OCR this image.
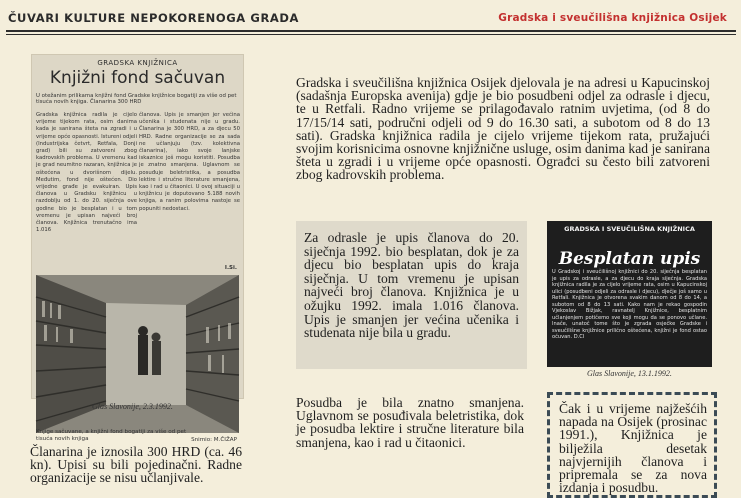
ČUVARI KULTURE NEPOKORENOGA GRADA	Gradska i sveučilišna knjižnica Osijek
GRADSKA KNJIŽNICA
Knjižni fond sačuvan
U otežanim prilikama knjižni fond Gradske knjižnice bogatiji za više od pet tisuća novih knjiga. Članarina 300 HRD
Gradska knjižnica radila je cijelo vrijeme tijekom rata, osim danima kada je sanirana šteta na zgradi i u vrijeme opće opasnosti. Istureni odjeli (Industrijska četvrt, Retfala, Donji grad) bili su zatvoreni zbog kadrovskih problema. U vremenu kad je grad neumitno razaran, knjižnica je oštećena u dvorišnom dijelu. Međutim, fond nije oštećen. Dio vrijedne građe je evakuiran. Upis članova u Gradsku knjižnicu u razdoblju od 1. do 20. siječnja ove godine bio je besplatan i u tom vremenu je upisan najveći broj članova. Knjižnica trenutačno ima 1.016
članova. Upis je smanjen jer većina učenika i studenata nije u gradu. Članarina je 300 HRD, a za djecu 50 HRD. Radne organizacije se za sada ne učlanjuju (tzv. kolektivna članarina), iako svoje lanjske iskaznice još mogu koristiti. Posudba je znatno smanjena. Uglavnom se posuđuje beletristika, a posudba lektire i stručne literature smanjena, kao i rad u čitaonici. U ovoj situaciji u knjižnicu je doputovano 5.188 novih knjiga, a ranim polovima nastoje se popuniti nedostaci.
I.Si.
Knjige sačuvane, a knjižni fond bogatiji za više od pet tisuća novih knjiga	Snimio: M.ČIŽAP
Glas Slavonije, 2.3.1992.
Gradska i sveučilišna knjižnica Osijek djelovala je na adresi u Kapucinskoj (sadašnja Europska avenija) gdje je bio posudbeni odjel za odrasle i djecu, te u Retfali. Radno vrijeme se prilagođavalo ratnim uvjetima, (od 8 do 17/15/14 sati, područni odjeli od 9 do 16.30 sati, a subotom od 8 do 13 sati). Gradska knjižnica radila je cijelo vrijeme tijekom rata, pružajući svojim korisnicima osnovne knjižnične usluge, osim danima kad je sanirana šteta u zgradi i u vrijeme opće opasnosti. Ograđci su često bili zatvoreni zbog kadrovskih problema.

Za odrasle je upis članova do 20. siječnja 1992. bio besplatan, dok je za djecu bio besplatan upis do kraja siječnja. U tom vremenu je upisan najveći broj članova. Knjižnica je u ožujku 1992. imala 1.016 članova. Upis je smanjen jer većina učenika i studenata nije bila u gradu.

GRADSKA I SVEUČILIŠNA KNJIŽNICA
Besplatan upis
U Gradskoj i sveučilišnoj knjižnici do 20. siječnja besplatan je upis za odrasle, a za djecu do kraja siječnja. Gradska knjižnica radila je za cijelo vrijeme rata, osim u Kapucinskoj ulici (posudbeni odjeli za odrasle i djecu), dječje još samo u Retfali. Knjižnica je otvorena svakim danom od 8 do 14, a subotom od 8 do 13 sati. Kako nam je rekao gospodin Vjekoslav Bižjak, ravnatelj Knjižnice, besplatnim učlanjenjem potičemo sve koji mogu da se ponovo učlane. Inače, unatoč tome što je zgrada osječke Gradske i sveučilišne knjižnice prilično oštećena, knjižni je fond ostao očuvan. D.Cl
Glas Slavonije, 13.1.1992.
Posudba je bila znatno smanjena. Uglavnom se posuđivala beletristika, dok je posudba lektire i stručne literature bila smanjena, kao i rad u čitaonici.

Čak i u vrijeme najžešćih napada na Osijek (prosinac 1991.), Knjižnica je bilježila desetak najvjernijih članova i pripremala se za nova izdanja i posudbu.

Članarina je iznosila 300 HRD (ca. 46 kn). Upisi su bili pojedinačni. Radne organizacije se nisu učlanjivale.
